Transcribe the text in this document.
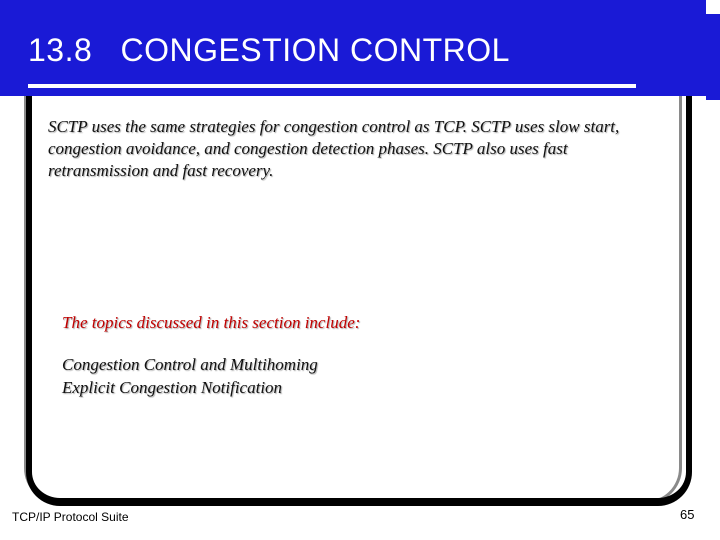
13.8   CONGESTION CONTROL
SCTP uses the same strategies for congestion control as TCP. SCTP uses slow start, congestion avoidance, and congestion detection phases. SCTP also uses fast retransmission and fast recovery.
The topics discussed in this section include:
Congestion Control and Multihoming
Explicit Congestion Notification
TCP/IP Protocol Suite	65
